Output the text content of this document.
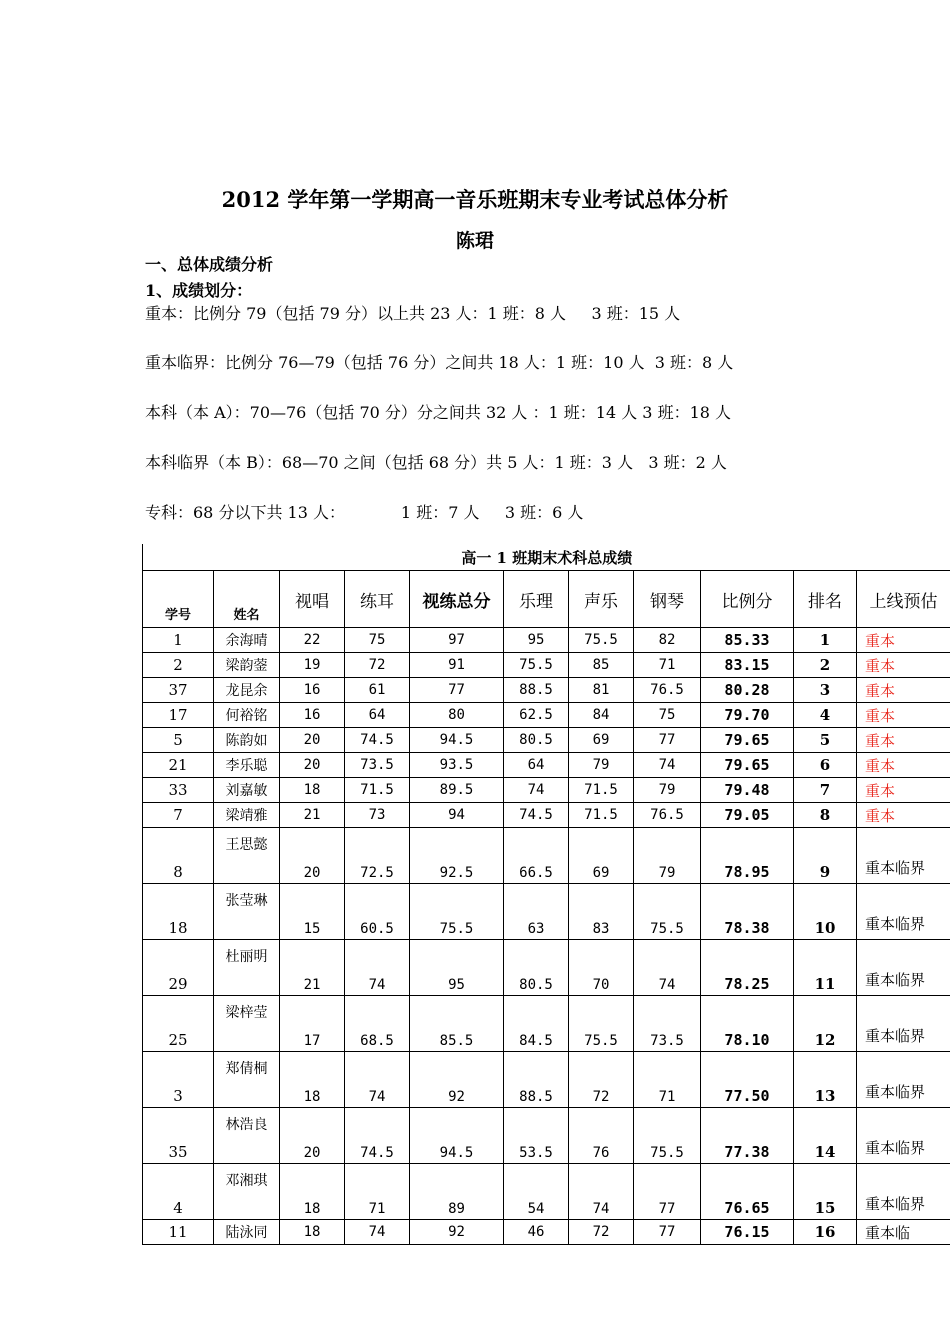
2012 学年第一学期高一音乐班期末专业考试总体分析
陈珺
一、总体成绩分析
1、成绩划分：
重本：比例分 79（包括 79 分）以上共 23 人：1 班：8 人     3 班：15 人
重本临界：比例分 76—79（包括 76 分）之间共 18 人：1 班：10 人  3 班：8 人
本科（本 A）：70—76（包括 70 分）分之间共 32 人 ：1 班：14 人 3 班：18 人
本科临界（本 B）：68—70 之间（包括 68 分）共 5 人：1 班：3 人   3 班：2 人
专科：68 分以下共 13 人：           1 班：7 人     3 班：6 人
高一 1 班期末术科总成绩										
学号	姓名	视唱	练耳	视练总分	乐理	声乐	钢琴	比例分	排名	上线预估
1	余海晴	22	75	97	95	75.5	82	85.33	1	重本
2	梁韵蓥	19	72	91	75.5	85	71	83.15	2	重本
37	龙昆余	16	61	77	88.5	81	76.5	80.28	3	重本
17	何裕铭	16	64	80	62.5	84	75	79.70	4	重本
5	陈韵如	20	74.5	94.5	80.5	69	77	79.65	5	重本
21	李乐聪	20	73.5	93.5	64	79	74	79.65	6	重本
33	刘嘉敏	18	71.5	89.5	74	71.5	79	79.48	7	重本
7	梁靖雅	21	73	94	74.5	71.5	76.5	79.05	8	重本
8	王思懿	20	72.5	92.5	66.5	69	79	78.95	9	重本临界
18	张莹琳	15	60.5	75.5	63	83	75.5	78.38	10	重本临界
29	杜丽明	21	74	95	80.5	70	74	78.25	11	重本临界
25	梁梓莹	17	68.5	85.5	84.5	75.5	73.5	78.10	12	重本临界
3	郑倩桐	18	74	92	88.5	72	71	77.50	13	重本临界
35	林浩良	20	74.5	94.5	53.5	76	75.5	77.38	14	重本临界
4	邓湘琪	18	71	89	54	74	77	76.65	15	重本临界
11	陆泳同	18	74	92	46	72	77	76.15	16	重本临
